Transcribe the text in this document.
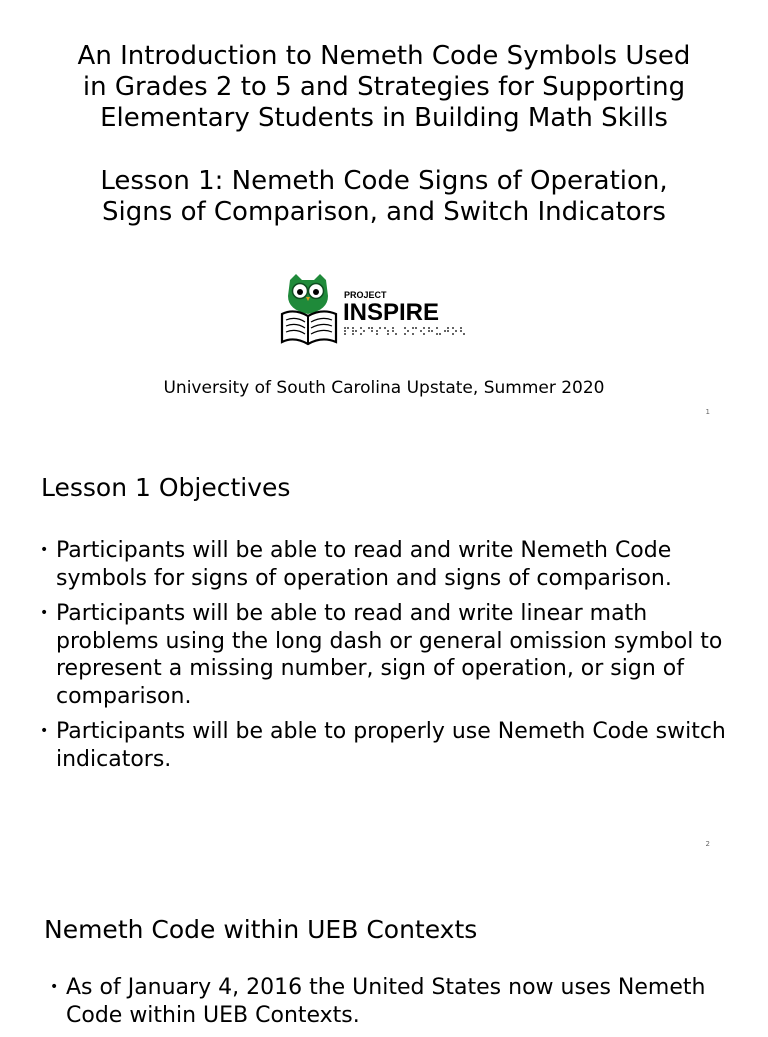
An Introduction to Nemeth Code Symbols Used
in Grades 2 to 5 and Strategies for Supporting
Elementary Students in Building Math Skills
Lesson 1: Nemeth Code Signs of Operation,
Signs of Comparison, and Switch Indicators
PROJECT
INSPIRE
University of South Carolina Upstate, Summer 2020
1
Lesson 1 Objectives
• Participants will be able to read and write Nemeth Code symbols for signs of operation and signs of comparison.
• Participants will be able to read and write linear math problems using the long dash or general omission symbol to represent a missing number, sign of operation, or sign of comparison.
• Participants will be able to properly use Nemeth Code switch indicators.
2
Nemeth Code within UEB Contexts
• As of January 4, 2016 the United States now uses Nemeth Code within UEB Contexts.
